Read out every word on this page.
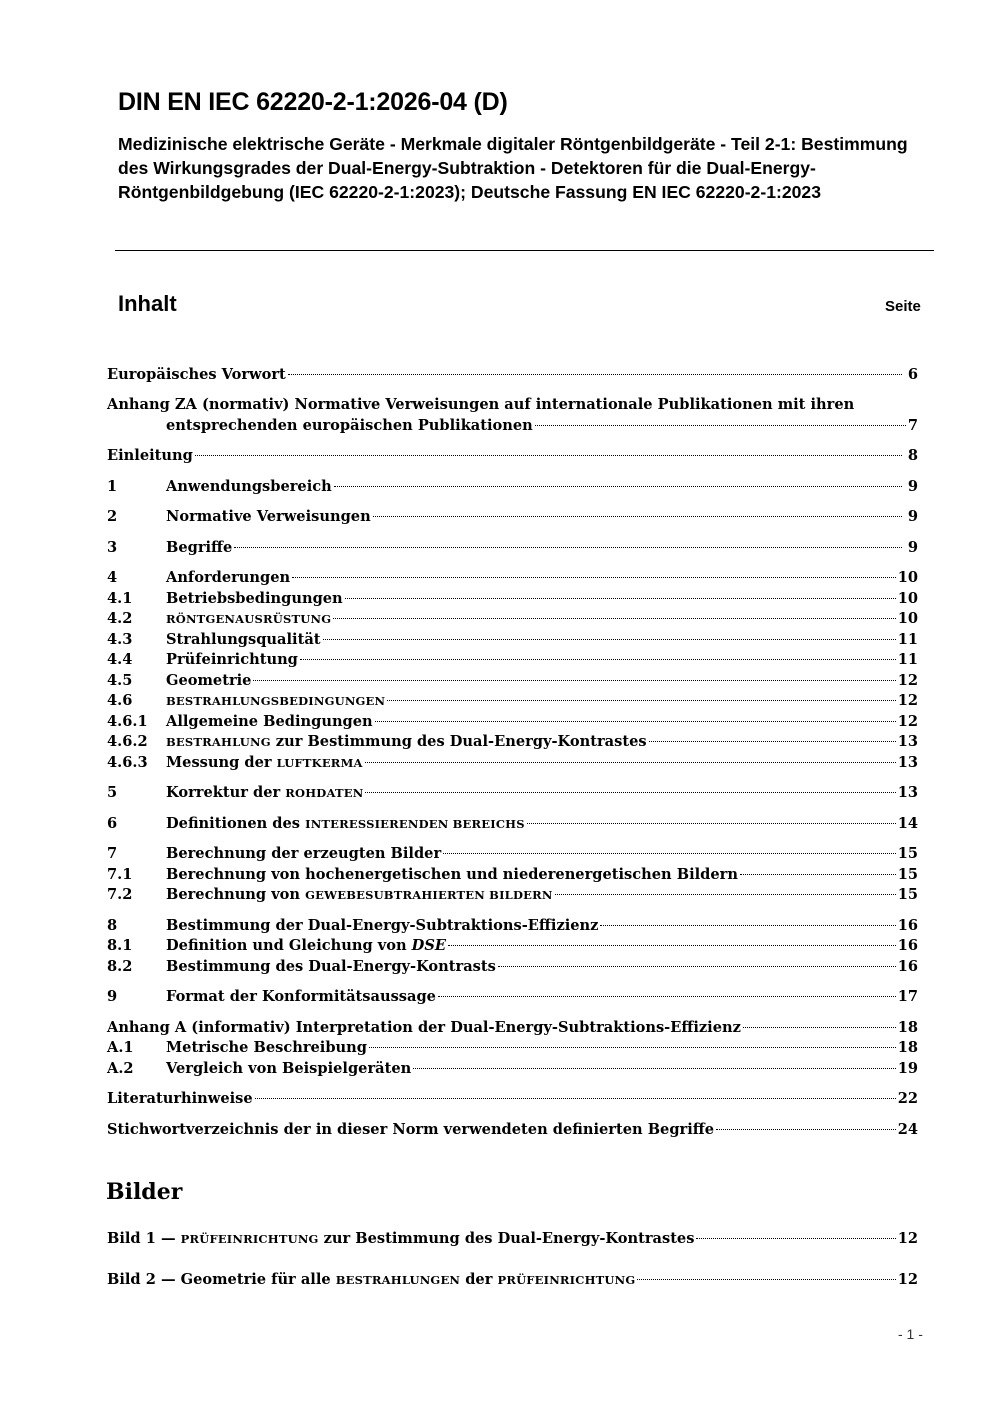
DIN EN IEC 62220-2-1:2026-04 (D)
Medizinische elektrische Geräte - Merkmale digitaler Röntgenbildgeräte - Teil 2-1: Bestimmung des Wirkungsgrades der Dual-Energy-Subtraktion - Detektoren für die Dual-Energy-Röntgenbildgebung (IEC 62220-2-1:2023); Deutsche Fassung EN IEC 62220-2-1:2023
Inhalt	Seite
Europäisches Vorwort	6
Anhang ZA (normativ) Normative Verweisungen auf internationale Publikationen mit ihren
entsprechenden europäischen Publikationen	7
Einleitung	8
1	Anwendungsbereich	9
2	Normative Verweisungen	9
3	Begriffe	9
4	Anforderungen	10
4.1 Betriebsbedingungen	10
4.2	RÖNTGENAUSRÜSTUNG	10
4.3 Strahlungsqualität	11
4.4 Prüfeinrichtung	11
4.5 Geometrie	12
4.6	BESTRAHLUNGSBEDINGUNGEN	12
4.6.1 Allgemeine Bedingungen	12
4.6.2 BESTRAHLUNG zur Bestimmung des Dual-Energy-Kontrastes	13
4.6.3 Messung der LUFTKERMA	13
5	Korrektur der ROHDATEN	13
6	Definitionen des INTERESSIERENDEN BEREICHS	14
7	Berechnung der erzeugten Bilder	15
7.1 Berechnung von hochenergetischen und niederenergetischen Bildern	15
7.2 Berechnung von GEWEBESUBTRAHIERTEN BILDERN	15
8	Bestimmung der Dual-Energy-Subtraktions-Effizienz	16
8.1 Definition und Gleichung von DSE	16
8.2 Bestimmung des Dual-Energy-Kontrasts	16
9	Format der Konformitätsaussage	17
Anhang A (informativ) Interpretation der Dual-Energy-Subtraktions-Effizienz	18
A.1 Metrische Beschreibung	18
A.2 Vergleich von Beispielgeräten	19
Literaturhinweise	22
Stichwortverzeichnis der in dieser Norm verwendeten definierten Begriffe	24
Bilder
Bild 1 — PRÜFEINRICHTUNG zur Bestimmung des Dual-Energy-Kontrastes	12
Bild 2 — Geometrie für alle BESTRAHLUNGEN der PRÜFEINRICHTUNG	12
- 1 -
